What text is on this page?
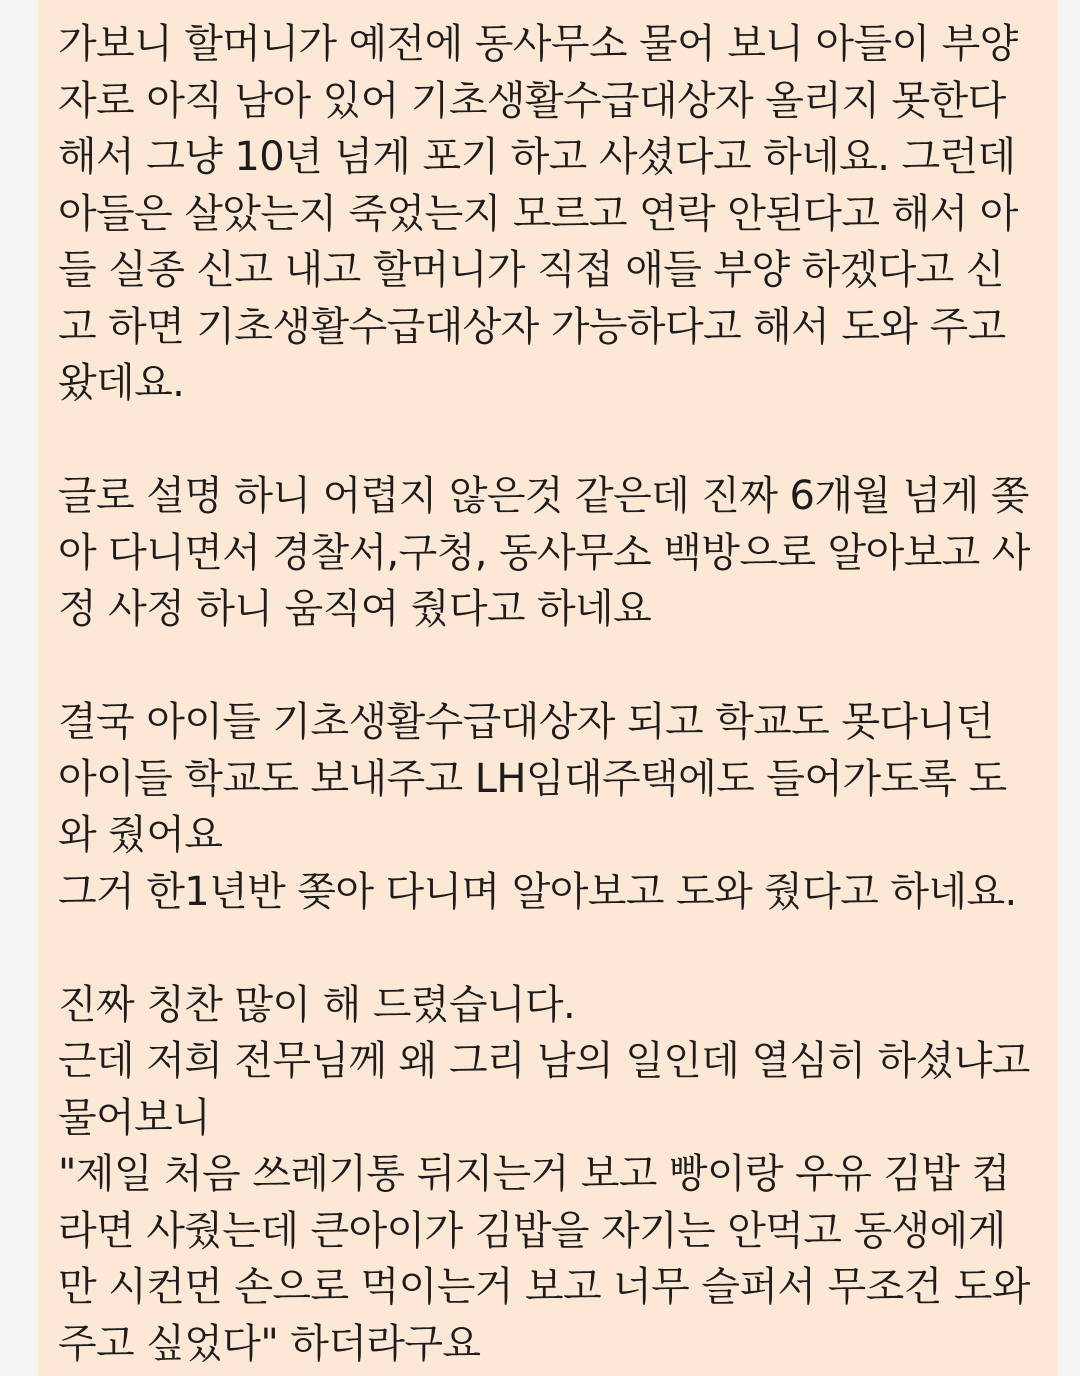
가보니 할머니가 예전에 동사무소 물어 보니 아들이 부양
자로 아직 남아 있어 기초생활수급대상자 올리지 못한다
해서 그냥 10년 넘게 포기 하고 사셨다고 하네요. 그런데
아들은 살았는지 죽었는지 모르고 연락 안된다고 해서 아
들 실종 신고 내고 할머니가 직접 애들 부양 하겠다고 신
고 하면 기초생활수급대상자 가능하다고 해서 도와 주고
왔데요.
글로 설명 하니 어렵지 않은것 같은데 진짜 6개월 넘게 쫒
아 다니면서 경찰서,구청, 동사무소 백방으로 알아보고 사
정 사정 하니 움직여 줬다고 하네요
결국 아이들 기초생활수급대상자 되고 학교도 못다니던
아이들 학교도 보내주고 LH임대주택에도 들어가도록 도
와 줬어요
그거 한1년반 쫒아 다니며 알아보고 도와 줬다고 하네요.
진짜 칭찬 많이 해 드렸습니다.
근데 저희 전무님께 왜 그리 남의 일인데 열심히 하셨냐고
물어보니
"제일 처음 쓰레기통 뒤지는거 보고 빵이랑 우유 김밥 컵
라면 사줬는데 큰아이가 김밥을 자기는 안먹고 동생에게
만 시컨먼 손으로 먹이는거 보고 너무 슬퍼서 무조건 도와
주고 싶었다" 하더라구요
